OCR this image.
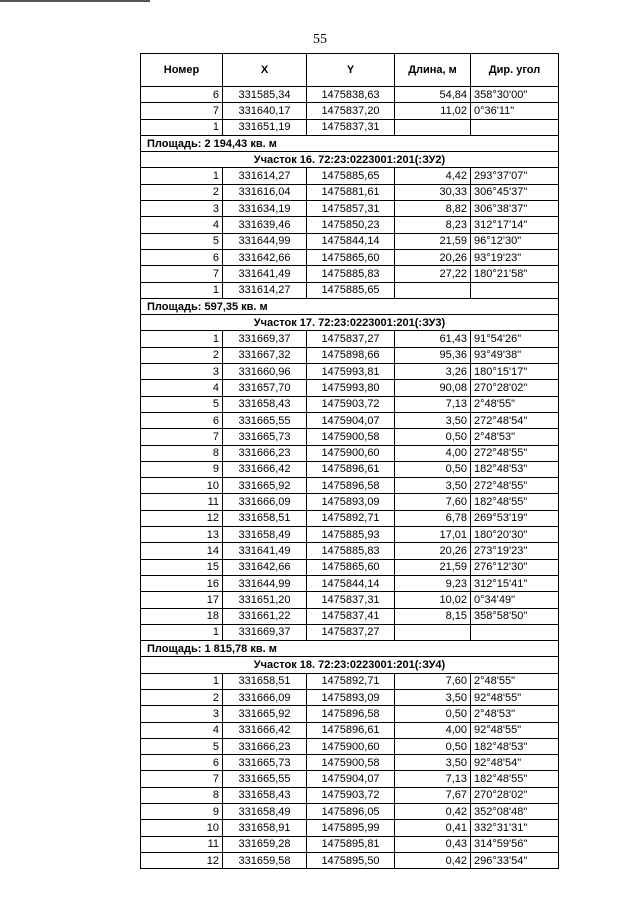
55
Номер	X	Y	Длина, м	Дир. угол
6	331585,34	1475838,63	54,84	358°30'00"
7	331640,17	1475837,20	11,02	0°36'11"
1	331651,19	1475837,31		
Площадь: 2 194,43 кв. м				
Участок 16. 72:23:0223001:201(:ЗУ2)				
1	331614,27	1475885,65	4,42	293°37'07"
2	331616,04	1475881,61	30,33	306°45'37"
3	331634,19	1475857,31	8,82	306°38'37"
4	331639,46	1475850,23	8,23	312°17'14"
5	331644,99	1475844,14	21,59	96°12'30"
6	331642,66	1475865,60	20,26	93°19'23"
7	331641,49	1475885,83	27,22	180°21'58"
1	331614,27	1475885,65		
Площадь: 597,35 кв. м				
Участок 17. 72:23:0223001:201(:ЗУ3)				
1	331669,37	1475837,27	61,43	91°54'26"
2	331667,32	1475898,66	95,36	93°49'38"
3	331660,96	1475993,81	3,26	180°15'17"
4	331657,70	1475993,80	90,08	270°28'02"
5	331658,43	1475903,72	7,13	2°48'55"
6	331665,55	1475904,07	3,50	272°48'54"
7	331665,73	1475900,58	0,50	2°48'53"
8	331666,23	1475900,60	4,00	272°48'55"
9	331666,42	1475896,61	0,50	182°48'53"
10	331665,92	1475896,58	3,50	272°48'55"
11	331666,09	1475893,09	7,60	182°48'55"
12	331658,51	1475892,71	6,78	269°53'19"
13	331658,49	1475885,93	17,01	180°20'30"
14	331641,49	1475885,83	20,26	273°19'23"
15	331642,66	1475865,60	21,59	276°12'30"
16	331644,99	1475844,14	9,23	312°15'41"
17	331651,20	1475837,31	10,02	0°34'49"
18	331661,22	1475837,41	8,15	358°58'50"
1	331669,37	1475837,27		
Площадь: 1 815,78 кв. м				
Участок 18. 72:23:0223001:201(:ЗУ4)				
1	331658,51	1475892,71	7,60	2°48'55"
2	331666,09	1475893,09	3,50	92°48'55"
3	331665,92	1475896,58	0,50	2°48'53"
4	331666,42	1475896,61	4,00	92°48'55"
5	331666,23	1475900,60	0,50	182°48'53"
6	331665,73	1475900,58	3,50	92°48'54"
7	331665,55	1475904,07	7,13	182°48'55"
8	331658,43	1475903,72	7,67	270°28'02"
9	331658,49	1475896,05	0,42	352°08'48"
10	331658,91	1475895,99	0,41	332°31'31"
11	331659,28	1475895,81	0,43	314°59'56"
12	331659,58	1475895,50	0,42	296°33'54"
